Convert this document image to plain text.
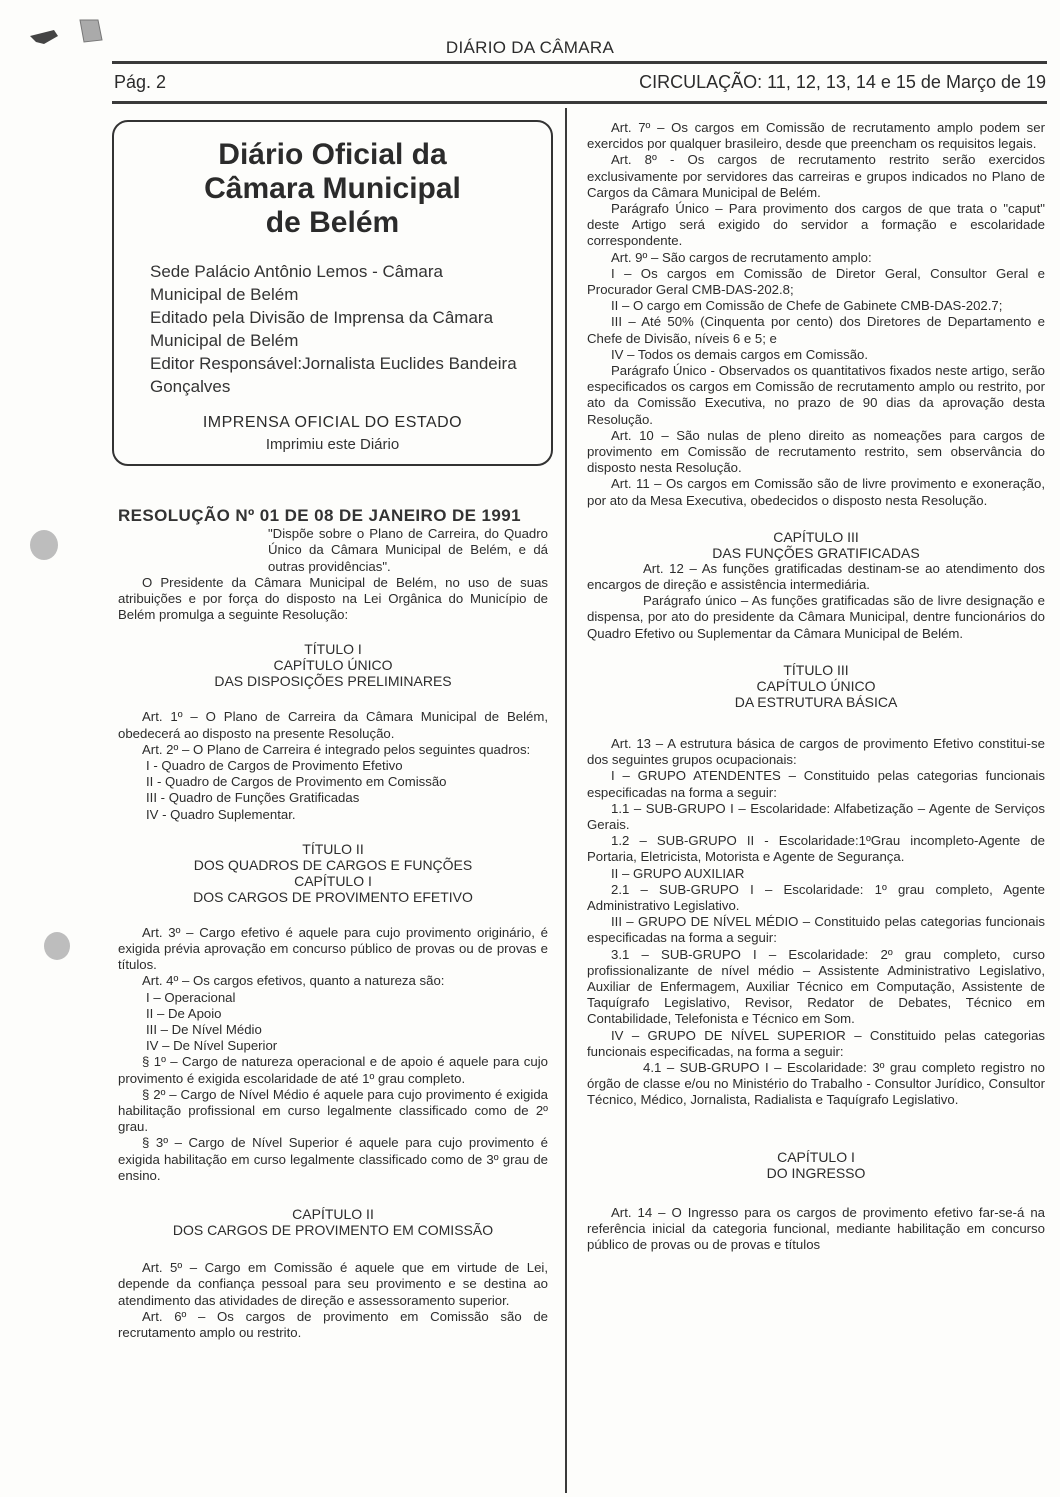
DIÁRIO DA CÂMARA
Pág. 2	CIRCULAÇÃO: 11, 12, 13, 14 e 15 de Março de 19
Diário Oficial da
Câmara Municipal
de Belém
Sede Palácio Antônio Lemos - Câmara
Municipal de Belém
Editado pela Divisão de Imprensa da Câmara
Municipal de Belém
Editor Responsável:Jornalista Euclides Bandeira
Gonçalves
IMPRENSA OFICIAL DO ESTADO
Imprimiu este Diário

RESOLUÇÃO Nº 01 DE 08 DE JANEIRO DE 1991

"Dispõe sobre o Plano de Carreira, do Quadro Único da Câmara Municipal de Belém, e dá outras providências".

O Presidente da Câmara Municipal de Belém, no uso de suas atribuições e por força do disposto na Lei Orgânica do Município de Belém promulga a seguinte Resolução:

TÍTULO I

CAPÍTULO ÚNICO

DAS DISPOSIÇÕES PRELIMINARES

Art. 1º – O Plano de Carreira da Câmara Municipal de Belém, obedecerá ao disposto na presente Resolução.

Art. 2º – O Plano de Carreira é integrado pelos seguintes quadros:

I - Quadro de Cargos de Provimento Efetivo

II - Quadro de Cargos de Provimento em Comissão

III - Quadro de Funções Gratificadas

IV - Quadro Suplementar.

TÍTULO II

DOS QUADROS DE CARGOS E FUNÇÕES

CAPÍTULO I

DOS CARGOS DE PROVIMENTO EFETIVO

Art. 3º – Cargo efetivo é aquele para cujo provimento originário, é exigida prévia aprovação em concurso público de provas ou de provas e títulos.

Art. 4º – Os cargos efetivos, quanto a natureza são:

I – Operacional

II – De Apoio

III – De Nível Médio

IV – De Nível Superior

§ 1º – Cargo de natureza operacional e de apoio é aquele para cujo provimento é exigida escolaridade de até 1º grau completo.

§ 2º – Cargo de Nível Médio é aquele para cujo provimento é exigida habilitação profissional em curso legalmente classificado como de 2º grau.

§ 3º – Cargo de Nível Superior é aquele para cujo provimento é exigida habilitação em curso legalmente classificado como de 3º grau de ensino.

CAPÍTULO II

DOS CARGOS DE PROVIMENTO EM COMISSÃO

Art. 5º – Cargo em Comissão é aquele que em virtude de Lei, depende da confiança pessoal para seu provimento e se destina ao atendimento das atividades de direção e assessoramento superior.

Art. 6º – Os cargos de provimento em Comissão são de recrutamento amplo ou restrito.

Art. 7º – Os cargos em Comissão de recrutamento amplo podem ser exercidos por qualquer brasileiro, desde que preencham os requisitos legais.

Art. 8º - Os cargos de recrutamento restrito serão exercidos exclusivamente por servidores das carreiras e grupos indicados no Plano de Cargos da Câmara Municipal de Belém.

Parágrafo Único – Para provimento dos cargos de que trata o "caput" deste Artigo será exigido do servidor a formação e escolaridade correspondente.

Art. 9º – São cargos de recrutamento amplo:

I – Os cargos em Comissão de Diretor Geral, Consultor Geral e Procurador Geral CMB-DAS-202.8;

II – O cargo em Comissão de Chefe de Gabinete CMB-DAS-202.7;

III – Até 50% (Cinquenta por cento) dos Diretores de Departamento e Chefe de Divisão, níveis 6 e 5; e

IV – Todos os demais cargos em Comissão.

Parágrafo Único - Observados os quantitativos fixados neste artigo, serão especificados os cargos em Comissão de recrutamento amplo ou restrito, por ato da Comissão Executiva, no prazo de 90 dias da aprovação desta Resolução.

Art. 10 – São nulas de pleno direito as nomeações para cargos de provimento em Comissão de recrutamento restrito, sem observância do disposto nesta Resolução.

Art. 11 – Os cargos em Comissão são de livre provimento e exoneração, por ato da Mesa Executiva, obedecidos o disposto nesta Resolução.

CAPÍTULO III

DAS FUNÇÕES GRATIFICADAS

Art. 12 – As funções gratificadas destinam-se ao atendimento dos encargos de direção e assistência intermediária.

Parágrafo único – As funções gratificadas são de livre designação e dispensa, por ato do presidente da Câmara Municipal, dentre funcionários do Quadro Efetivo ou Suplementar da Câmara Municipal de Belém.

TÍTULO III

CAPÍTULO ÚNICO

DA ESTRUTURA BÁSICA

Art. 13 – A estrutura básica de cargos de provimento Efetivo constitui-se dos seguintes grupos ocupacionais:

I – GRUPO ATENDENTES – Constituido pelas categorias funcionais especificadas na forma a seguir:

1.1 – SUB-GRUPO I – Escolaridade: Alfabetização – Agente de Serviços Gerais.

1.2 – SUB-GRUPO II - Escolaridade:1ºGrau incompleto-Agente de Portaria, Eletricista, Motorista e Agente de Segurança.

II – GRUPO AUXILIAR

2.1 – SUB-GRUPO I – Escolaridade: 1º grau completo, Agente Administrativo Legislativo.

III – GRUPO DE NÍVEL MÉDIO – Constituido pelas categorias funcionais especificadas na forma a seguir:

3.1 – SUB-GRUPO I – Escolaridade: 2º grau completo, curso profissionalizante de nível médio – Assistente Administrativo Legislativo, Auxiliar de Enfermagem, Auxiliar Técnico em Computação, Assistente de Taquígrafo Legislativo, Revisor, Redator de Debates, Técnico em Contabilidade, Telefonista e Técnico em Som.

IV – GRUPO DE NÍVEL SUPERIOR – Constituido pelas categorias funcionais especificadas, na forma a seguir:

4.1 – SUB-GRUPO I – Escolaridade: 3º grau completo registro no órgão de classe e/ou no Ministério do Trabalho - Consultor Jurídico, Consultor Técnico, Médico, Jornalista, Radialista e Taquígrafo Legislativo.

CAPÍTULO I

DO INGRESSO

Art. 14 – O Ingresso para os cargos de provimento efetivo far-se-á na referência inicial da categoria funcional, mediante habilitação em concurso público de provas ou de provas e títulos
